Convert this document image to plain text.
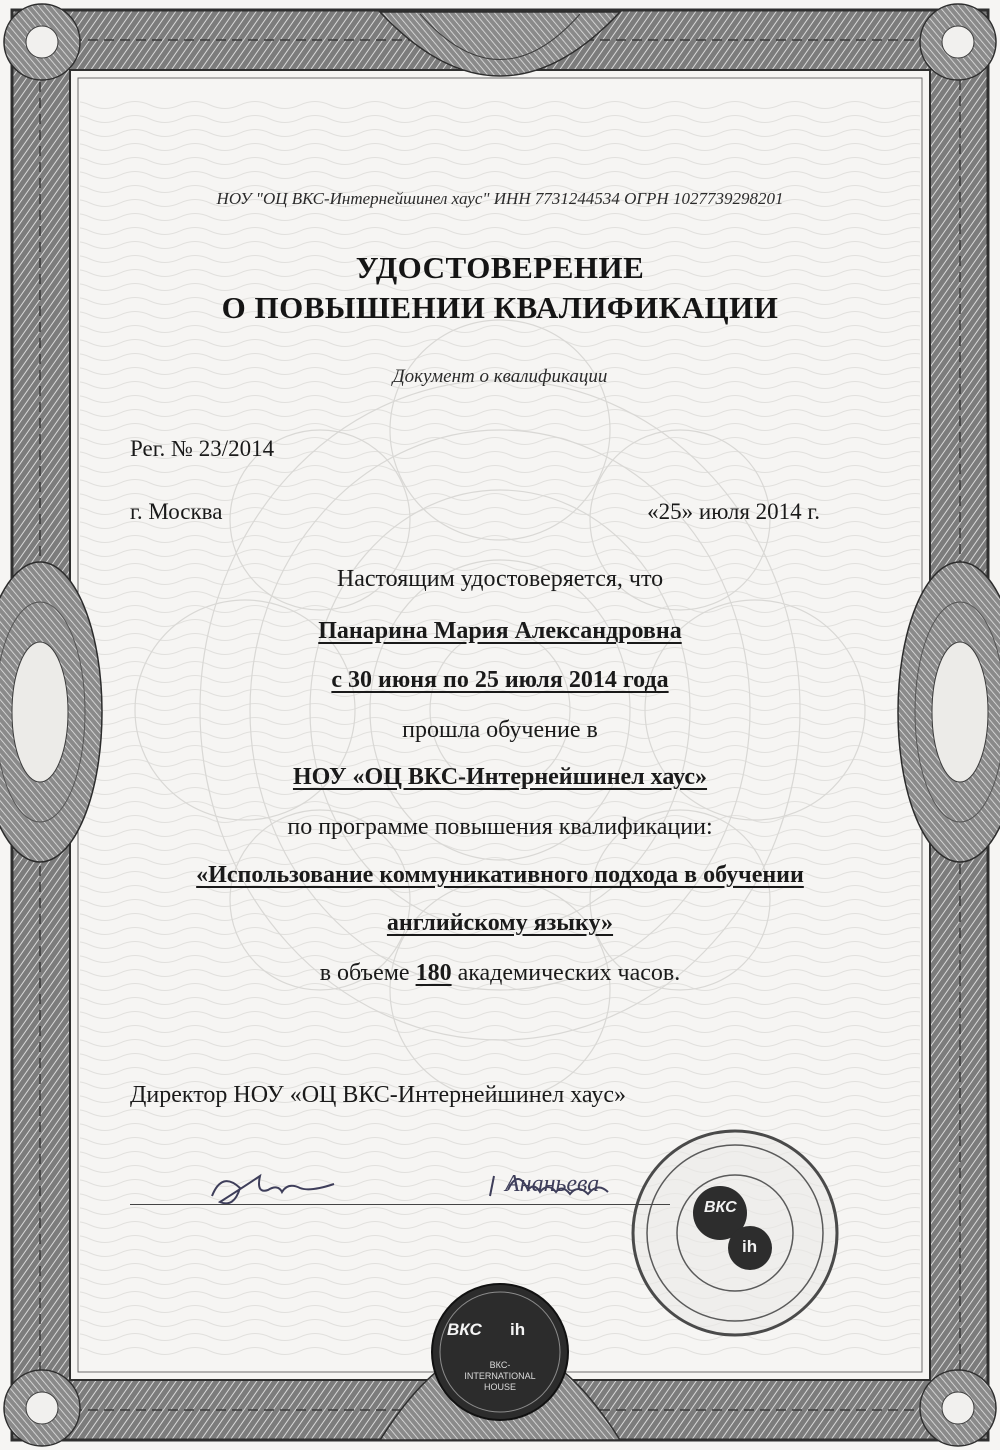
НОУ "ОЦ ВКС-Интернейшинел хаус" ИНН 7731244534 ОГРН 1027739298201
УДОСТОВЕРЕНИЕ
О ПОВЫШЕНИИ КВАЛИФИКАЦИИ
Документ о квалификации
Рег. № 23/2014
г. Москва	«25» июля 2014 г.
Настоящим удостоверяется, что
Панарина Мария Александровна
с 30 июня по 25 июля 2014 года
прошла обучение в
НОУ «ОЦ ВКС-Интернейшинел хаус»
по программе повышения квалификации:
«Использование коммуникативного подхода в обучении
английскому языку»
в объеме 180 академических часов.
Директор НОУ «ОЦ ВКС-Интернейшинел хаус»
Ананьева
ВКС
ih
ВКС ih
ВКС-
INTERNATIONAL
HOUSE
